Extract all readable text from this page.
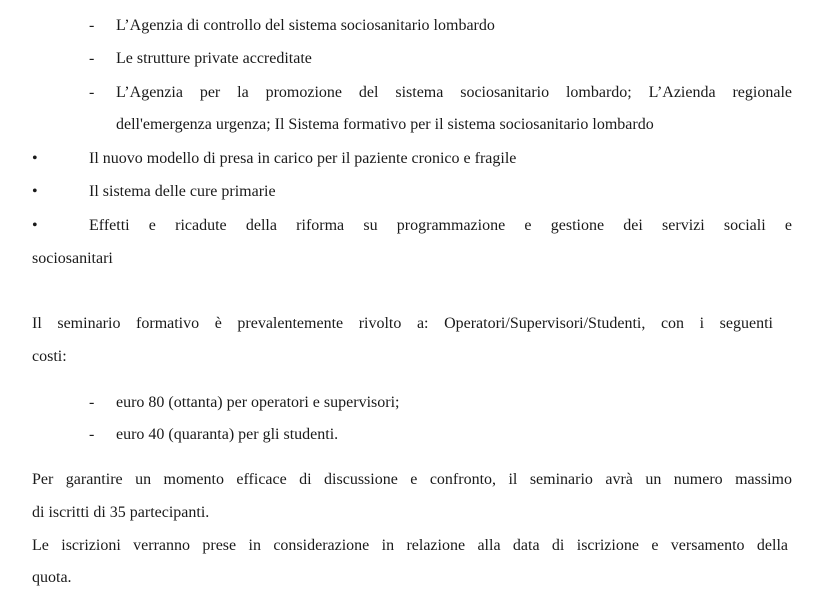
- L’Agenzia di controllo del sistema sociosanitario lombardo
- Le strutture private accreditate
- L’Agenzia per la promozione del sistema sociosanitario lombardo; L’Azienda regionale
dell'emergenza urgenza; Il Sistema formativo per il sistema sociosanitario lombardo
•	Il nuovo modello di presa in carico per il paziente cronico e fragile
•	Il sistema delle cure primarie
•	Effetti e ricadute della riforma su programmazione e gestione dei servizi sociali e
sociosanitari
Il seminario formativo è prevalentemente rivolto a: Operatori/Supervisori/Studenti, con i seguenti
costi:
- euro 80 (ottanta) per operatori e supervisori;
- euro 40 (quaranta) per gli studenti.
Per garantire un momento efficace di discussione e confronto, il seminario avrà un numero massimo
di iscritti di 35 partecipanti.
Le iscrizioni verranno prese in considerazione in relazione alla data di iscrizione e versamento della
quota.
